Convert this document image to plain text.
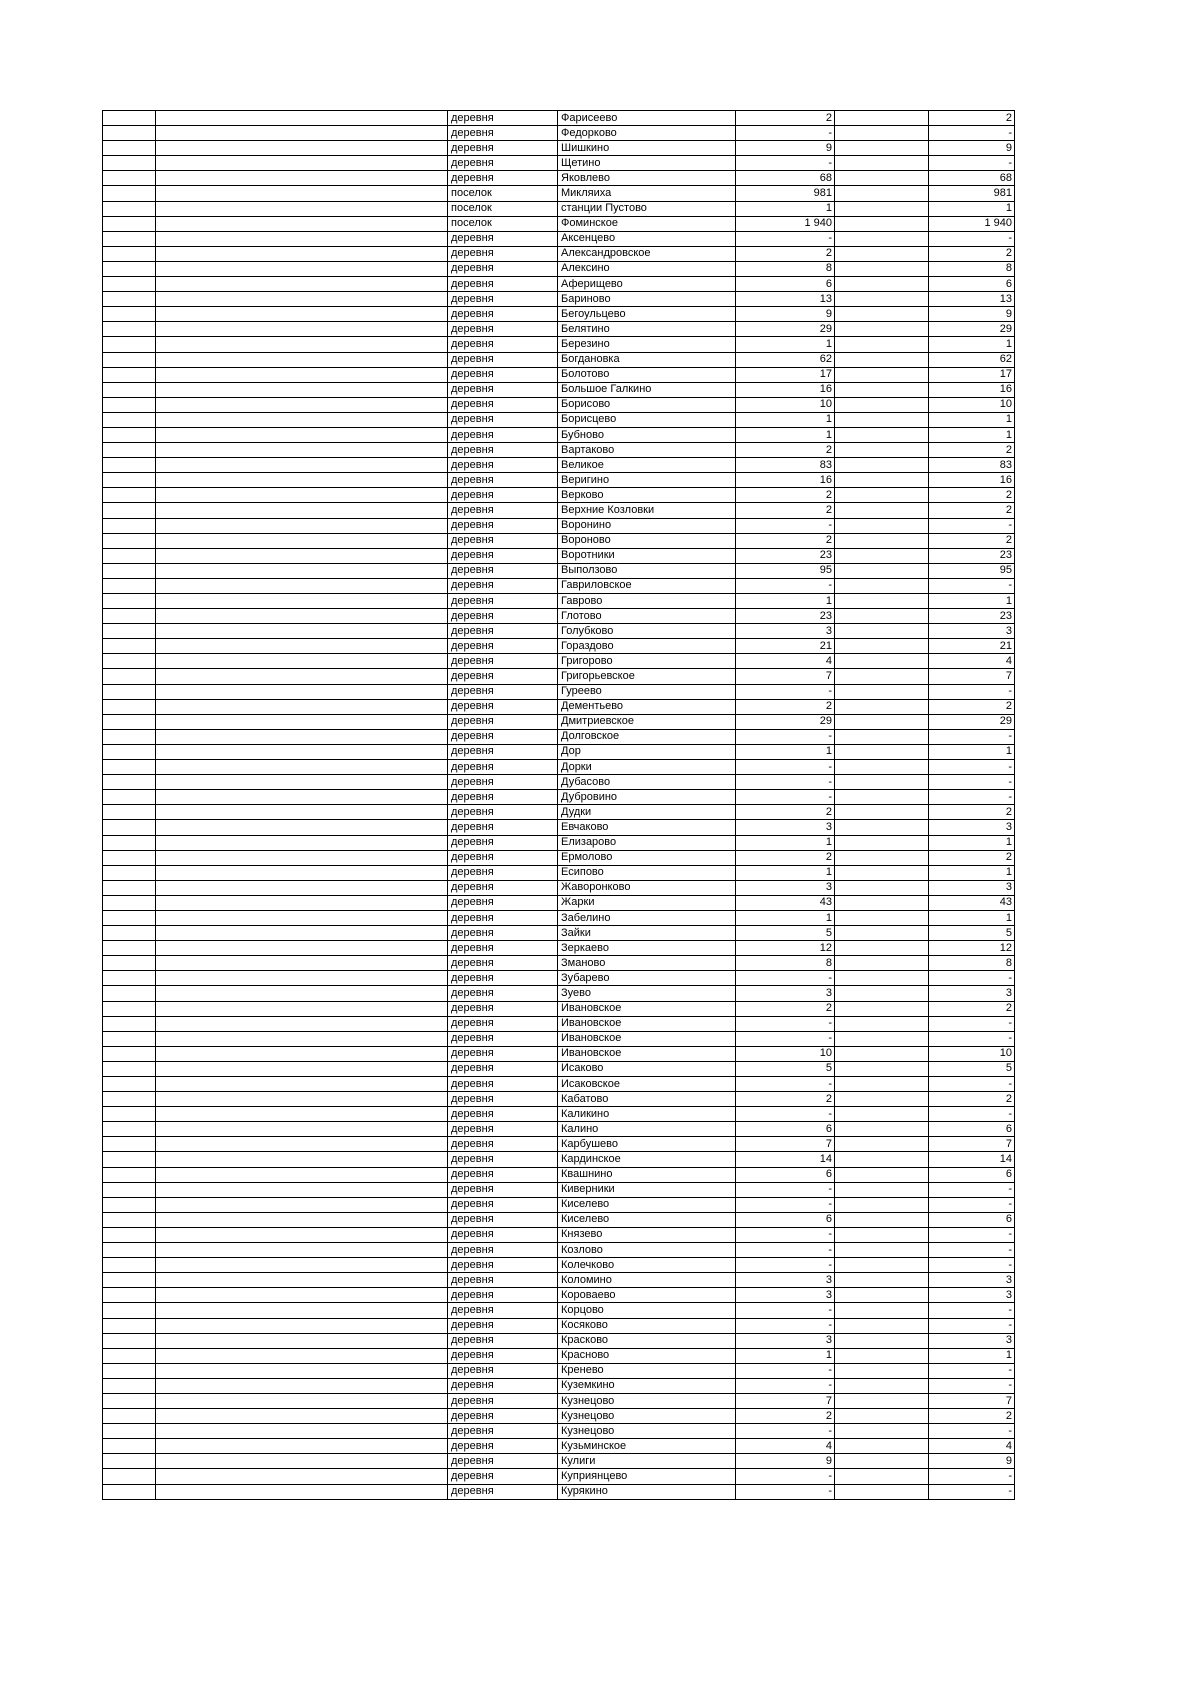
		деревня	Фарисеево	2		2
		деревня	Федорково	-		-
		деревня	Шишкино	9		9
		деревня	Щетино	-		-
		деревня	Яковлево	68		68
		поселок	Микляиха	981		981
		поселок	станции Пустово	1		1
		поселок	Фоминское	1 940		1 940
		деревня	Аксенцево	-		-
		деревня	Александровское	2		2
		деревня	Алексино	8		8
		деревня	Аферищево	6		6
		деревня	Бариново	13		13
		деревня	Бегоульцево	9		9
		деревня	Белятино	29		29
		деревня	Березино	1		1
		деревня	Богдановка	62		62
		деревня	Болотово	17		17
		деревня	Большое Галкино	16		16
		деревня	Борисово	10		10
		деревня	Борисцево	1		1
		деревня	Бубново	1		1
		деревня	Вартаково	2		2
		деревня	Великое	83		83
		деревня	Веригино	16		16
		деревня	Верково	2		2
		деревня	Верхние Козловки	2		2
		деревня	Воронино	-		-
		деревня	Вороново	2		2
		деревня	Воротники	23		23
		деревня	Выползово	95		95
		деревня	Гавриловское	-		-
		деревня	Гаврово	1		1
		деревня	Глотово	23		23
		деревня	Голубково	3		3
		деревня	Гораздово	21		21
		деревня	Григорово	4		4
		деревня	Григорьевское	7		7
		деревня	Гуреево	-		-
		деревня	Дементьево	2		2
		деревня	Дмитриевское	29		29
		деревня	Долговское	-		-
		деревня	Дор	1		1
		деревня	Дорки	-		-
		деревня	Дубасово	-		-
		деревня	Дубровино	-		-
		деревня	Дудки	2		2
		деревня	Евчаково	3		3
		деревня	Елизарово	1		1
		деревня	Ермолово	2		2
		деревня	Есипово	1		1
		деревня	Жаворонково	3		3
		деревня	Жарки	43		43
		деревня	Забелино	1		1
		деревня	Зайки	5		5
		деревня	Зеркаево	12		12
		деревня	Зманово	8		8
		деревня	Зубарево	-		-
		деревня	Зуево	3		3
		деревня	Ивановское	2		2
		деревня	Ивановское	-		-
		деревня	Ивановское	-		-
		деревня	Ивановское	10		10
		деревня	Исаково	5		5
		деревня	Исаковское	-		-
		деревня	Кабатово	2		2
		деревня	Каликино	-		-
		деревня	Калино	6		6
		деревня	Карбушево	7		7
		деревня	Кардинское	14		14
		деревня	Квашнино	6		6
		деревня	Киверники	-		-
		деревня	Киселево	-		-
		деревня	Киселево	6		6
		деревня	Князево	-		-
		деревня	Козлово	-		-
		деревня	Колечково	-		-
		деревня	Коломино	3		3
		деревня	Короваево	3		3
		деревня	Корцово	-		-
		деревня	Косяково	-		-
		деревня	Красково	3		3
		деревня	Красново	1		1
		деревня	Кренево	-		-
		деревня	Куземкино	-		-
		деревня	Кузнецово	7		7
		деревня	Кузнецово	2		2
		деревня	Кузнецово	-		-
		деревня	Кузьминское	4		4
		деревня	Кулиги	9		9
		деревня	Куприянцево	-		-
		деревня	Курякино	-		-
